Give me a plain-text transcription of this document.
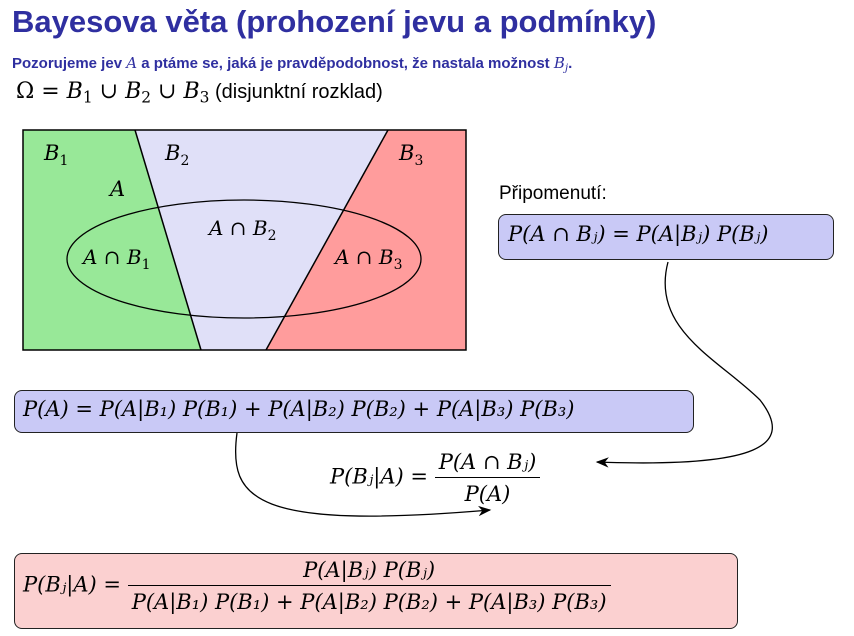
Bayesova věta (prohození jevu a podmínky)
Pozorujeme jev A a ptáme se, jaká je pravděpodobnost, že nastala možnost $B_j$.
$\Omega = B_1$ ∪ $B_2$ ∪ $B_3$ (disjunktní rozklad)
$B_1$	$B_2$	$B_3$
A
A ∩ $B_1$
A ∩ $B_2$
A ∩ $B_3$
Připomenutí:
P(A ∩ Bⱼ) = P(A|Bⱼ) P(Bⱼ)
P(A) = P(A|B₁) P(B₁) + P(A|B₂) P(B₂) + P(A|B₃) P(B₃)
P(Bⱼ|A) = $\frac{\text{P(A ∩ Bⱼ)}}{P(A)}$
P(Bⱼ|A) = $\frac{\text{P(A|Bⱼ) P(Bⱼ)}}{\text{P(A|B₁) P(B₁) + P(A|B₂) P(B₂) + P(A|B₃) P(B₃)}}$
